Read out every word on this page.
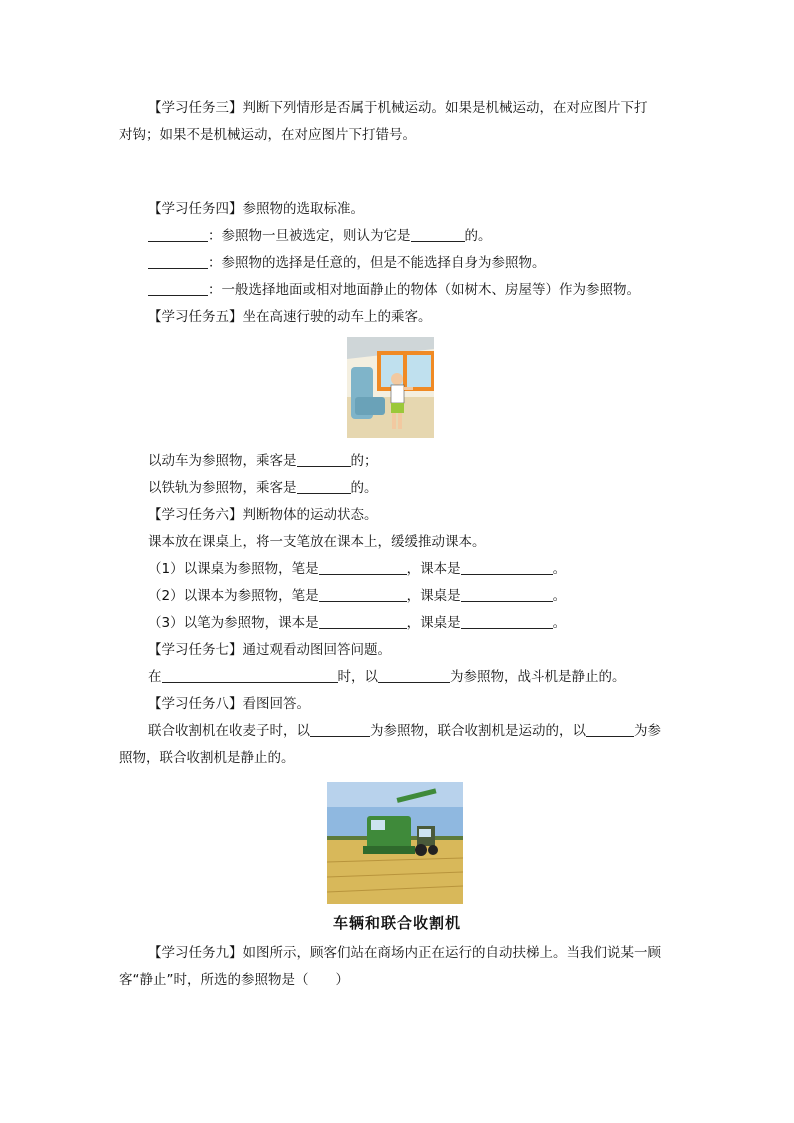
【学习任务三】判断下列情形是否属于机械运动。如果是机械运动，在对应图片下打
对钩；如果不是机械运动，在对应图片下打错号。
【学习任务四】参照物的选取标准。
：参照物一旦被选定，则认为它是	的。
：参照物的选择是任意的，但是不能选择自身为参照物。
：一般选择地面或相对地面静止的物体（如树木、房屋等）作为参照物。
【学习任务五】坐在高速行驶的动车上的乘客。
以动车为参照物，乘客是	的；
以铁轨为参照物，乘客是	的。
【学习任务六】判断物体的运动状态。
课本放在课桌上，将一支笔放在课本上，缓缓推动课本。
（1）以课桌为参照物，笔是	，课本是	。
（2）以课本为参照物，笔是	，课桌是	。
（3）以笔为参照物，课本是	，课桌是	。
【学习任务七】通过观看动图回答问题。
在	时，以	为参照物，战斗机是静止的。
【学习任务八】看图回答。
联合收割机在收麦子时，以	为参照物，联合收割机是运动的，以	为参
照物，联合收割机是静止的。
车辆和联合收割机
【学习任务九】如图所示，顾客们站在商场内正在运行的自动扶梯上。当我们说某一顾
客“静止”时，所选的参照物是（　　）
